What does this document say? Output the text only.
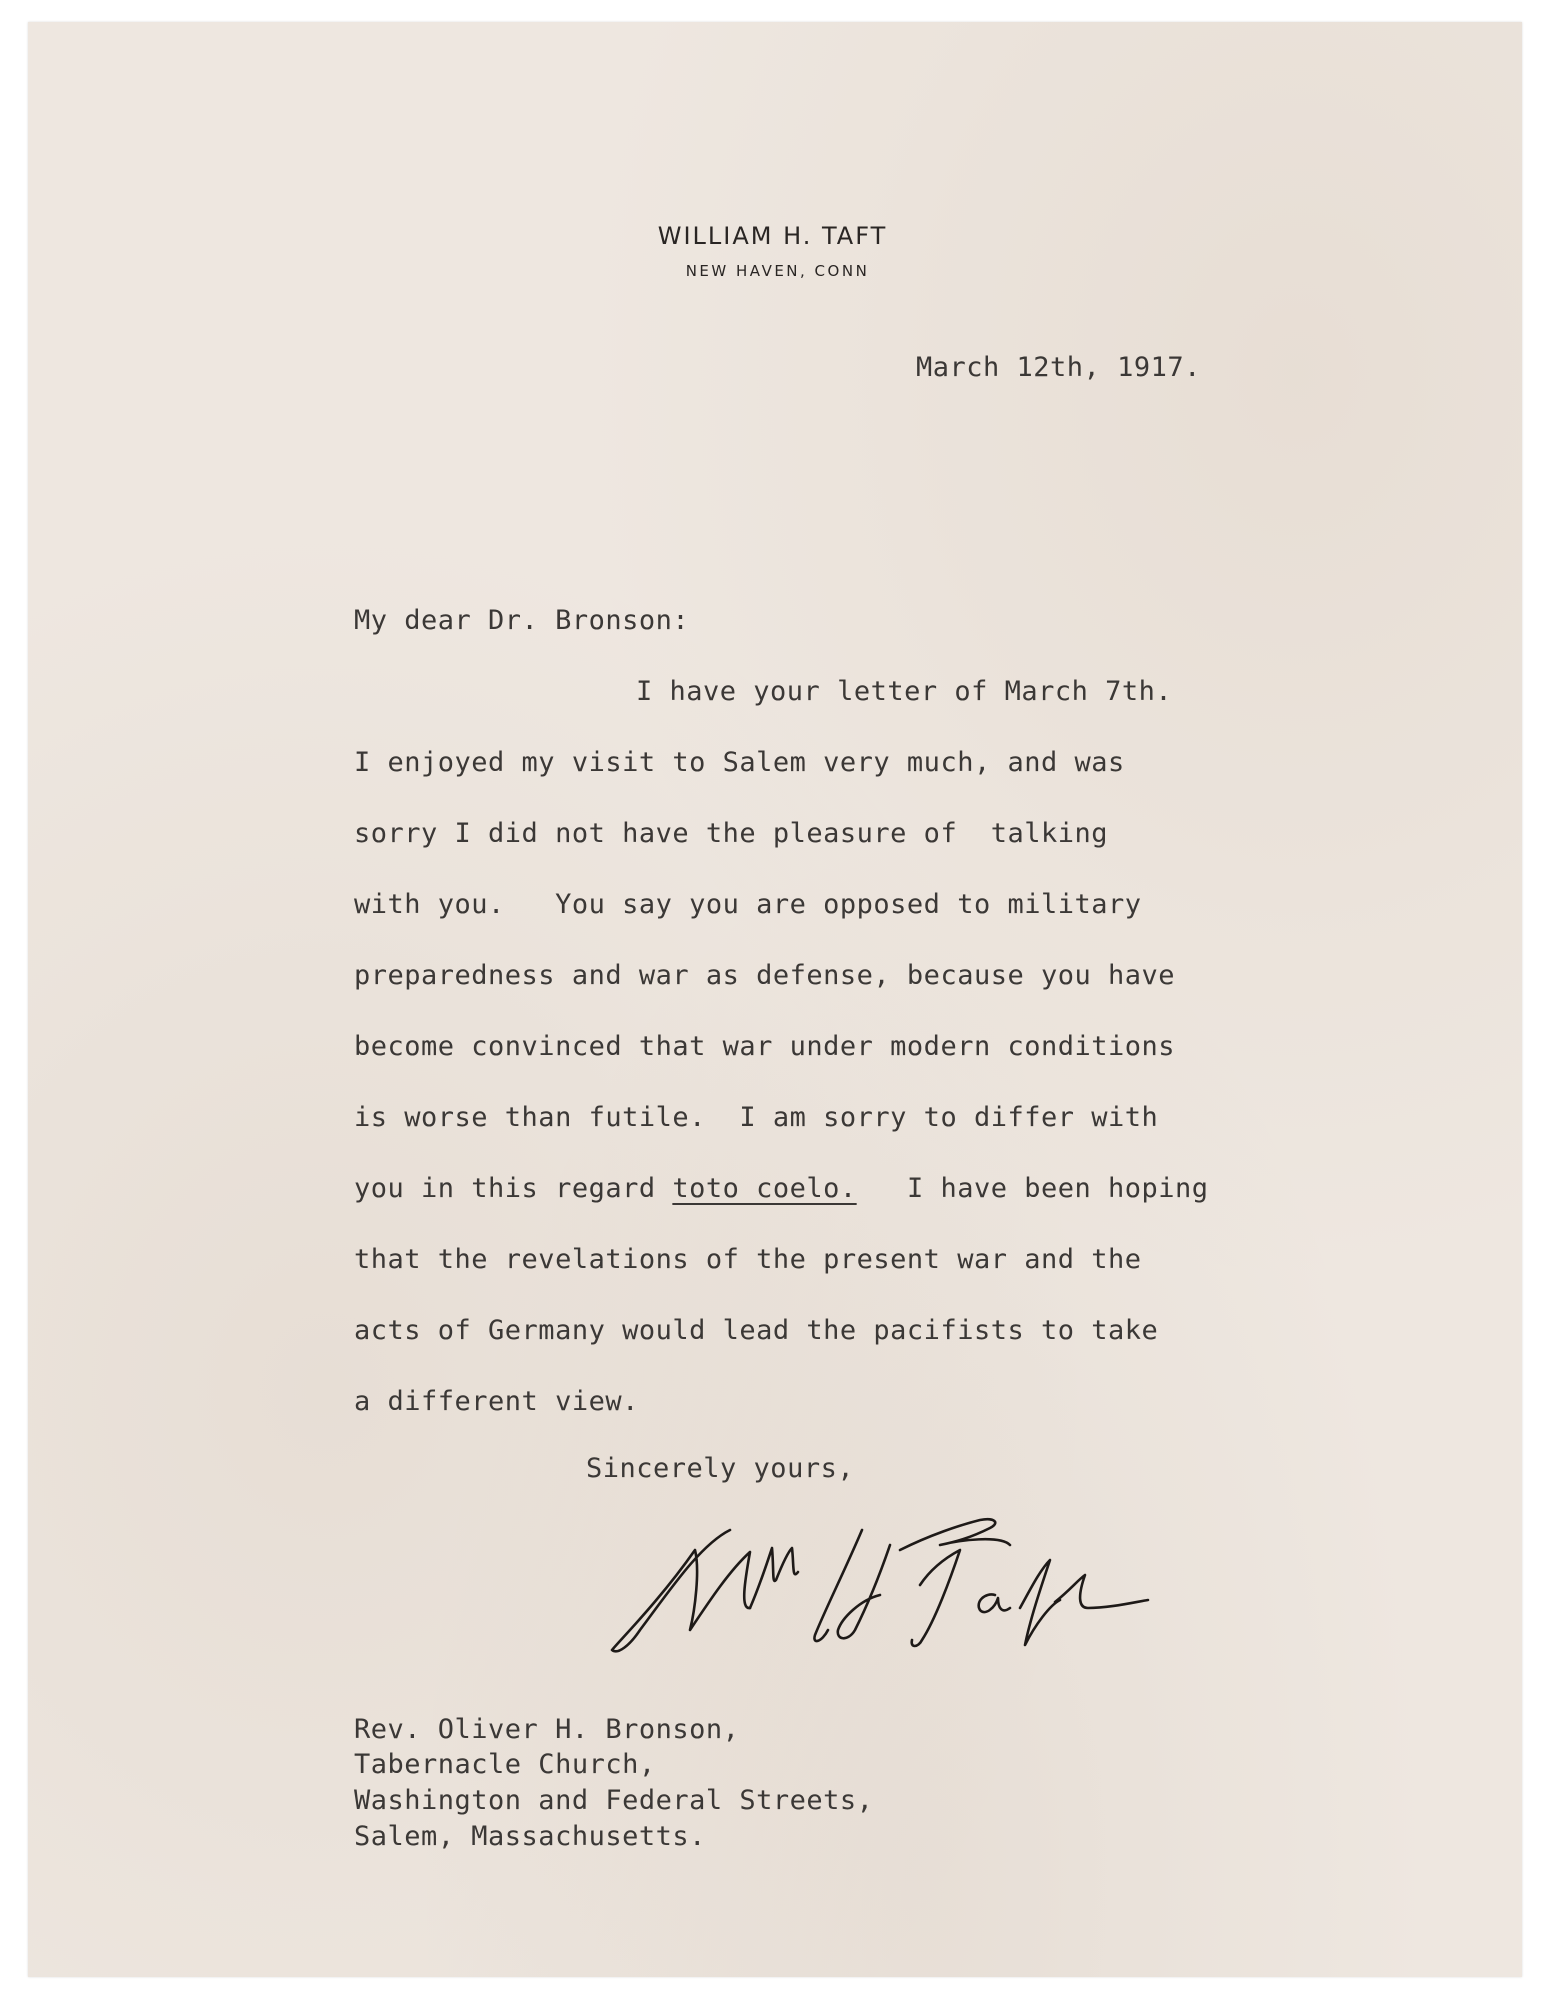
WILLIAM H. TAFT
NEW HAVEN, CONN
March 12th, 1917.
My dear Dr. Bronson:
I have your letter of March 7th.
I enjoyed my visit to Salem very much, and was
sorry I did not have the pleasure of  talking
with you.   You say you are opposed to military
preparedness and war as defense, because you have
become convinced that war under modern conditions
is worse than futile.  I am sorry to differ with
you in this regard toto coelo.   I have been hoping
that the revelations of the present war and the
acts of Germany would lead the pacifists to take
a different view.
Sincerely yours,
Rev. Oliver H. Bronson,
Tabernacle Church,
Washington and Federal Streets,
Salem, Massachusetts.
